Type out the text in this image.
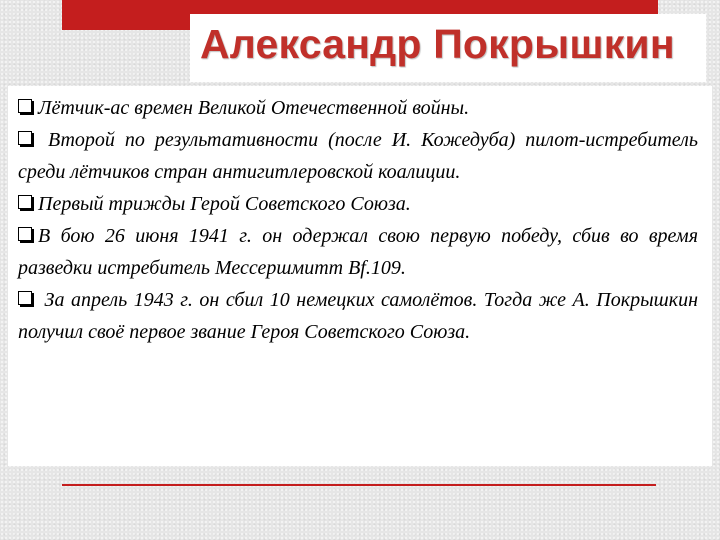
Александр Покрышкин

Лётчик-ас времен Великой Отечественной войны.

Второй по результативности (после И. Кожедуба) пилот-истребитель среди лётчиков стран антигитлеровской коалиции.

Первый трижды Герой Советского Союза.

В бою 26 июня 1941 г. он одержал свою первую победу, сбив во время разведки истребитель Мессершмитт Bf.109.

За апрель 1943 г. он сбил 10 немецких самолётов. Тогда же А. Покрышкин получил своё первое звание Героя Советского Союза.
